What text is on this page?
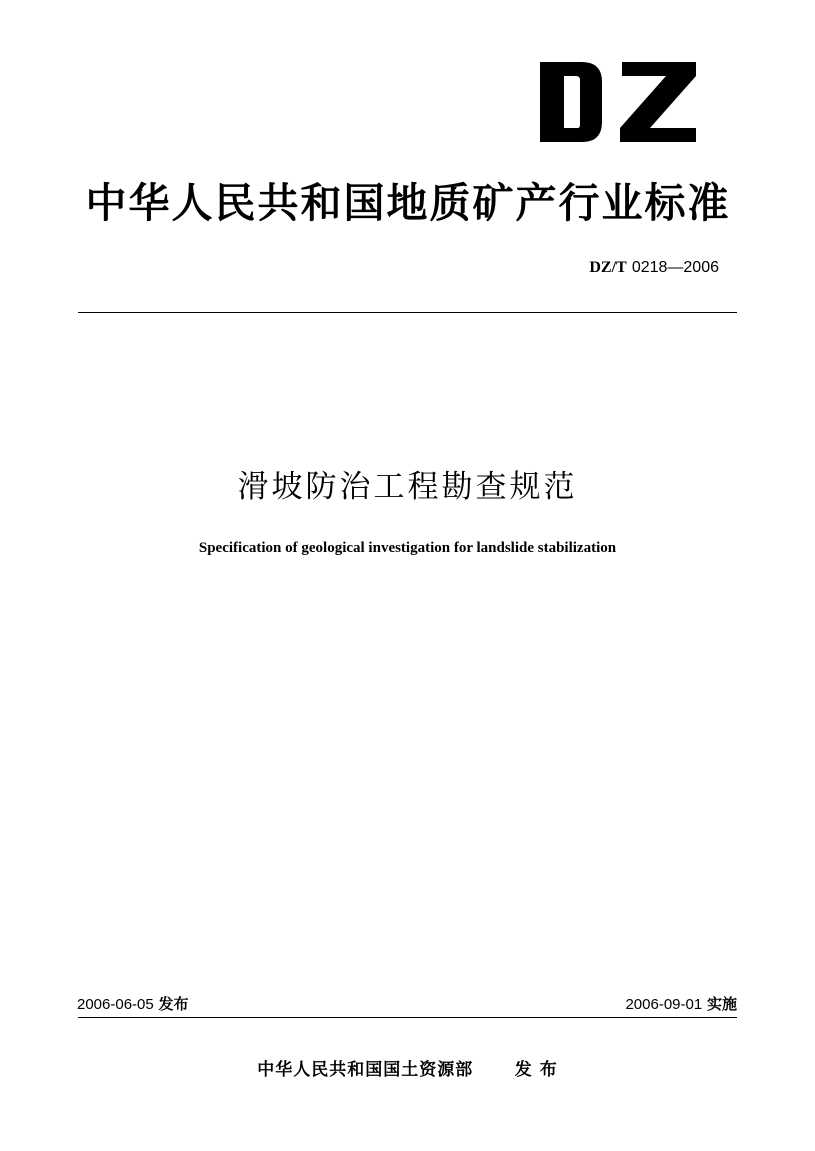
中华人民共和国地质矿产行业标准
DZ/T 0218—2006
滑坡防治工程勘查规范
Specification of geological investigation for landslide stabilization
2006-06-05 发布	2006-09-01 实施
中华人民共和国国土资源部 发 布
